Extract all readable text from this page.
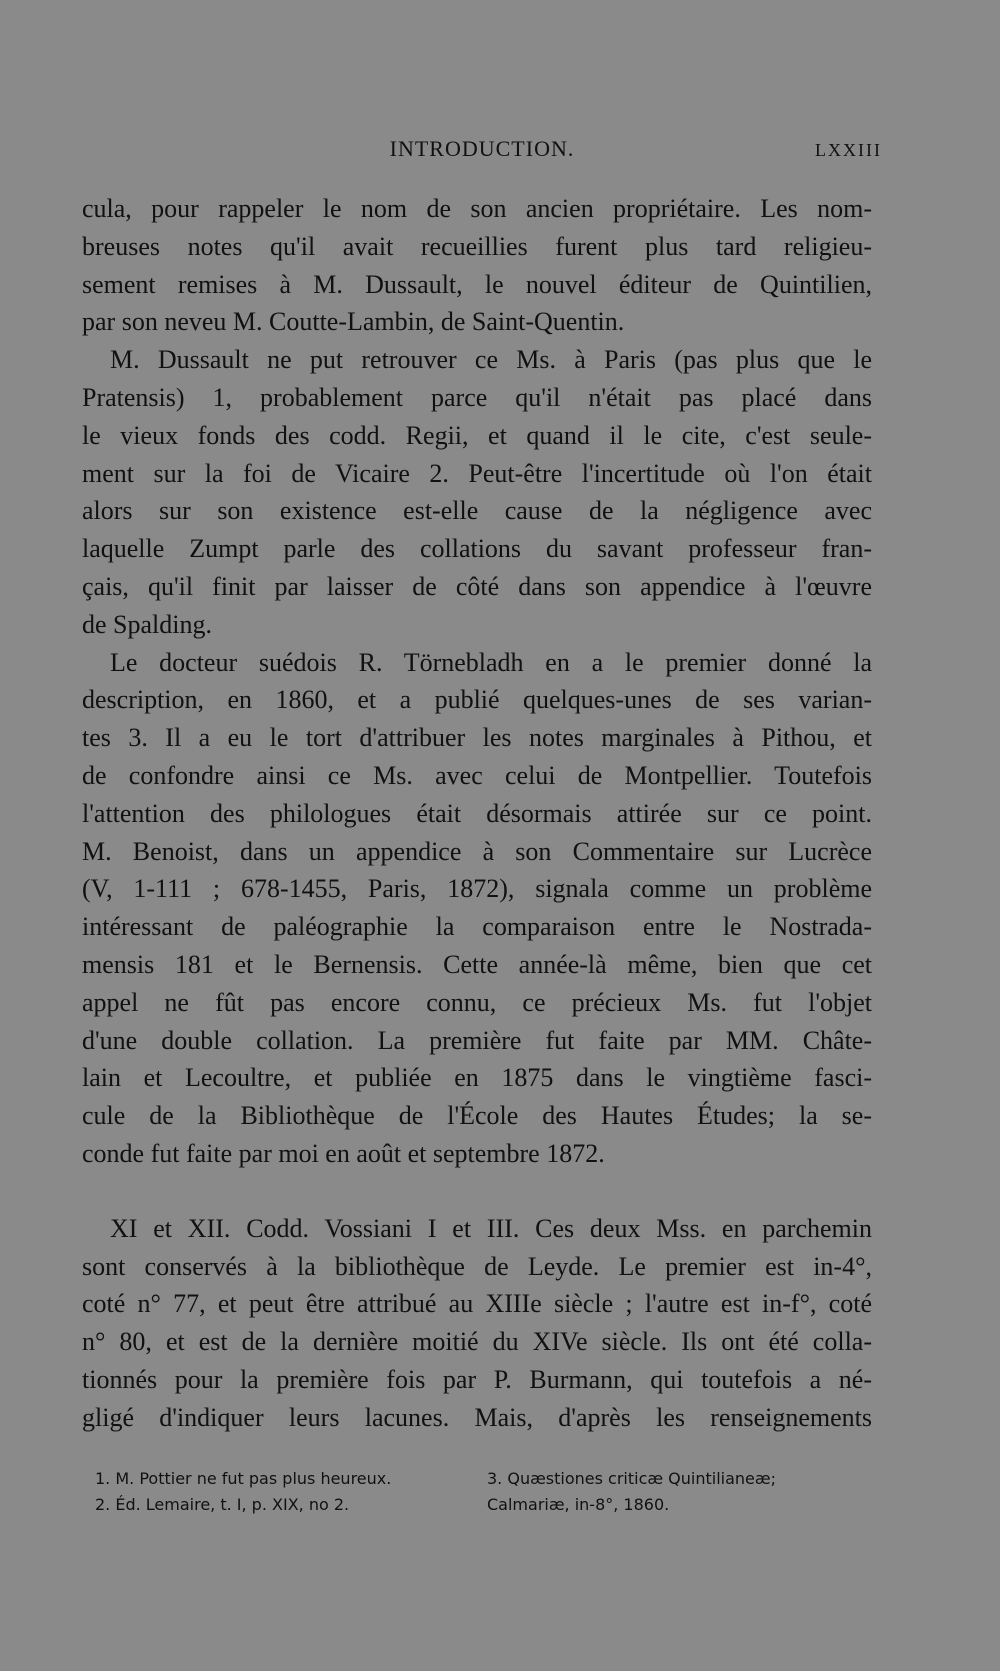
INTRODUCTION.	LXXIII

cula, pour rappeler le nom de son ancien propriétaire. Les nom-
breuses notes qu'il avait recueillies furent plus tard religieu-
sement remises à M. Dussault, le nouvel éditeur de Quintilien,
par son neveu M. Coutte-Lambin, de Saint-Quentin.

M. Dussault ne put retrouver ce Ms. à Paris (pas plus que le
Pratensis) 1, probablement parce qu'il n'était pas placé dans
le vieux fonds des codd. Regii, et quand il le cite, c'est seule-
ment sur la foi de Vicaire 2. Peut-être l'incertitude où l'on était
alors sur son existence est-elle cause de la négligence avec
laquelle Zumpt parle des collations du savant professeur fran-
çais, qu'il finit par laisser de côté dans son appendice à l'œuvre
de Spalding.

Le docteur suédois R. Törnebladh en a le premier donné la
description, en 1860, et a publié quelques-unes de ses varian-
tes 3. Il a eu le tort d'attribuer les notes marginales à Pithou, et
de confondre ainsi ce Ms. avec celui de Montpellier. Toutefois
l'attention des philologues était désormais attirée sur ce point.
M. Benoist, dans un appendice à son Commentaire sur Lucrèce
(V, 1-111 ; 678-1455, Paris, 1872), signala comme un problème
intéressant de paléographie la comparaison entre le Nostrada-
mensis 181 et le Bernensis. Cette année-là même, bien que cet
appel ne fût pas encore connu, ce précieux Ms. fut l'objet
d'une double collation. La première fut faite par MM. Châte-
lain et Lecoultre, et publiée en 1875 dans le vingtième fasci-
cule de la Bibliothèque de l'École des Hautes Études; la se-
conde fut faite par moi en août et septembre 1872.

XI et XII. Codd. Vossiani I et III. Ces deux Mss. en parchemin
sont conservés à la bibliothèque de Leyde. Le premier est in-4°,
coté n° 77, et peut être attribué au XIIIe siècle ; l'autre est in-f°, coté
n° 80, et est de la dernière moitié du XIVe siècle. Ils ont été colla-
tionnés pour la première fois par P. Burmann, qui toutefois a né-
gligé d'indiquer leurs lacunes. Mais, d'après les renseignements

1. M. Pottier ne fut pas plus heureux.
2. Éd. Lemaire, t. I, p. XIX, no 2.
3. Quæstiones criticæ Quintilianeæ;
Calmariæ, in-8°, 1860.
